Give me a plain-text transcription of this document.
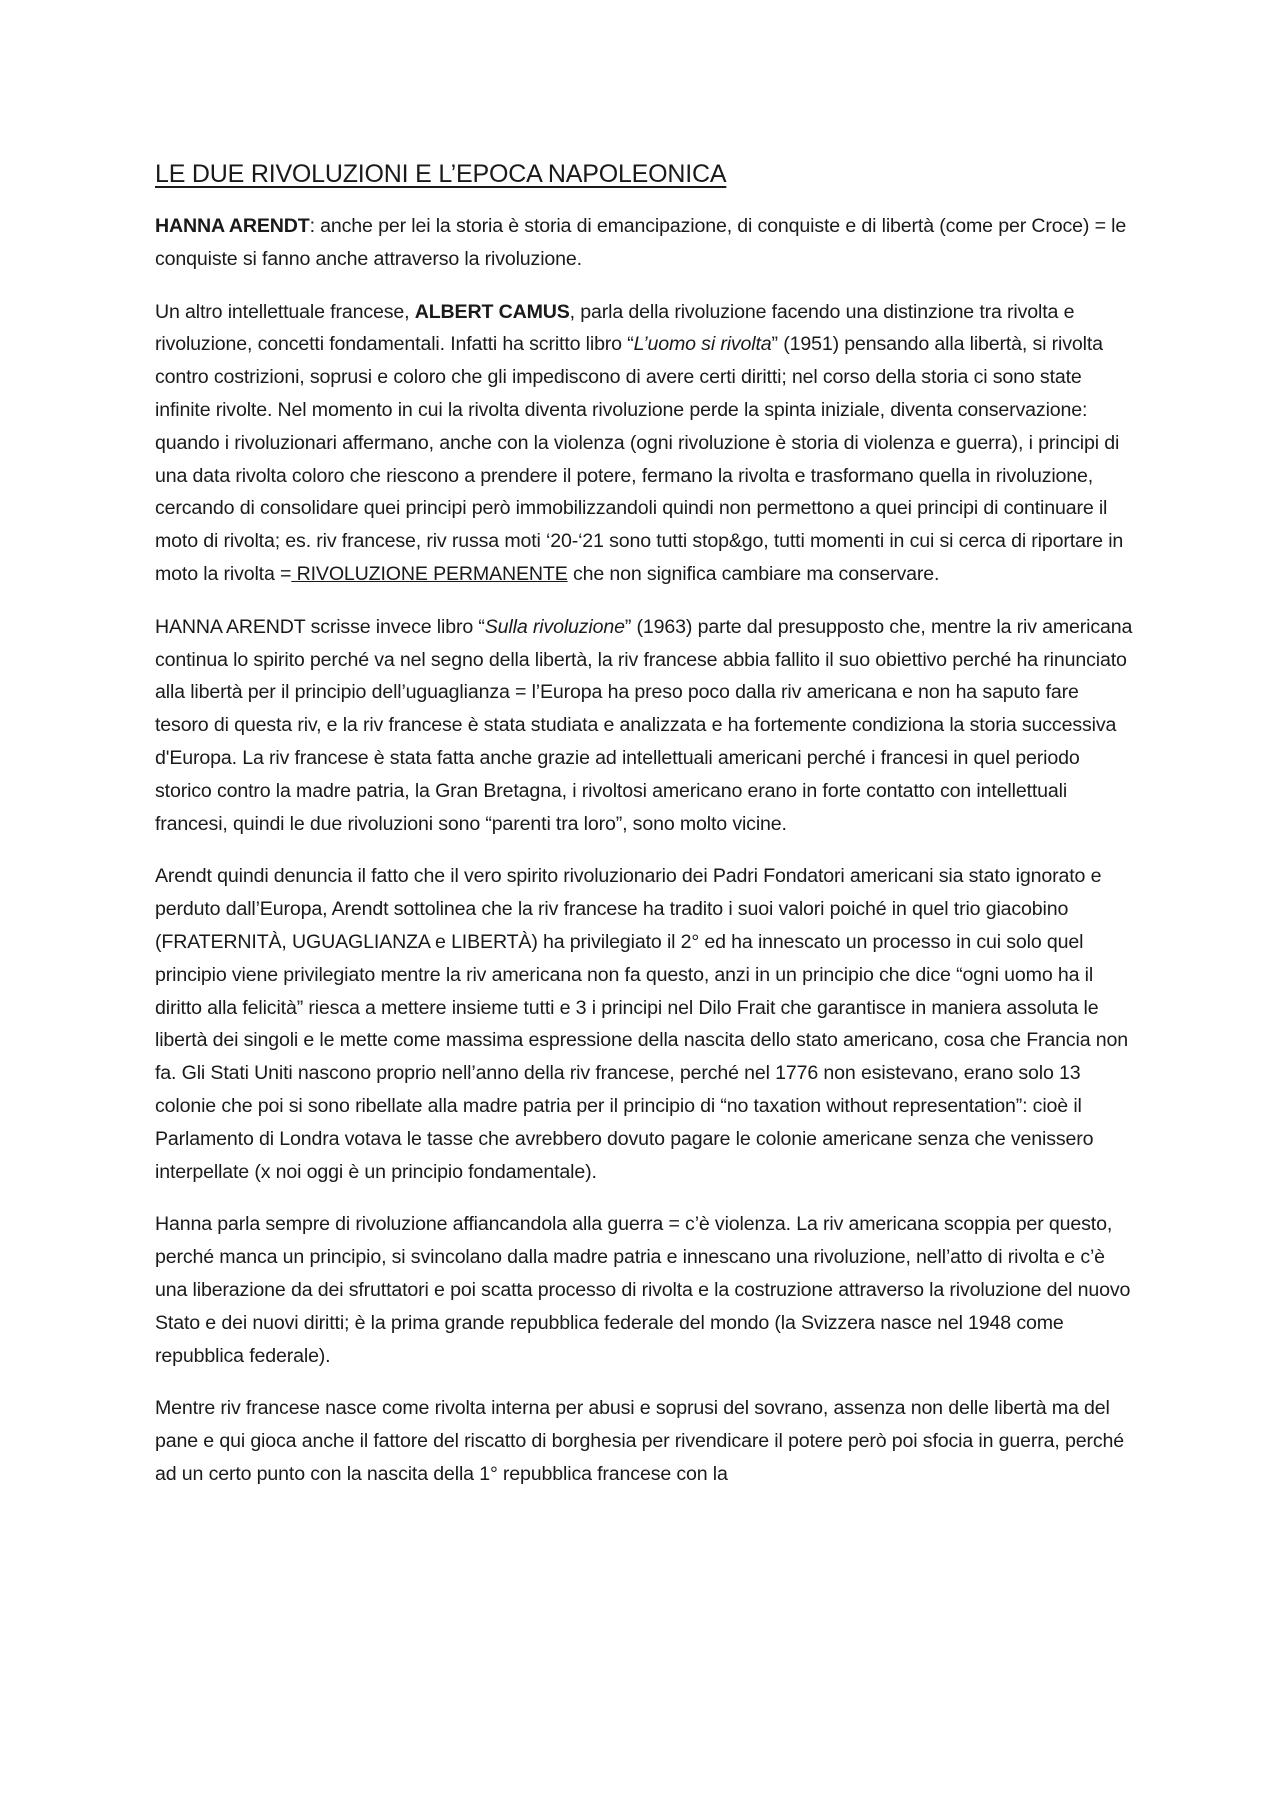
LE DUE RIVOLUZIONI E L’EPOCA NAPOLEONICA

HANNA ARENDT: anche per lei la storia è storia di emancipazione, di conquiste e di libertà (come per Croce) = le conquiste si fanno anche attraverso la rivoluzione.

Un altro intellettuale francese, ALBERT CAMUS, parla della rivoluzione facendo una distinzione tra rivolta e rivoluzione, concetti fondamentali. Infatti ha scritto libro “L’uomo si rivolta” (1951) pensando alla libertà, si rivolta contro costrizioni, soprusi e coloro che gli impediscono di avere certi diritti; nel corso della storia ci sono state infinite rivolte. Nel momento in cui la rivolta diventa rivoluzione perde la spinta iniziale, diventa conservazione: quando i rivoluzionari affermano, anche con la violenza (ogni rivoluzione è storia di violenza e guerra), i principi di una data rivolta coloro che riescono a prendere il potere, fermano la rivolta e trasformano quella in rivoluzione, cercando di consolidare quei principi però immobilizzandoli quindi non permettono a quei principi di continuare il moto di rivolta; es. riv francese, riv russa moti ‘20-‘21 sono tutti stop&go, tutti momenti in cui si cerca di riportare in moto la rivolta = RIVOLUZIONE PERMANENTE che non significa cambiare ma conservare.

HANNA ARENDT scrisse invece libro “Sulla rivoluzione” (1963) parte dal presupposto che, mentre la riv americana continua lo spirito perché va nel segno della libertà, la riv francese abbia fallito il suo obiettivo perché ha rinunciato alla libertà per il principio dell’uguaglianza = l’Europa ha preso poco dalla riv americana e non ha saputo fare tesoro di questa riv, e la riv francese è stata studiata e analizzata e ha fortemente condiziona la storia successiva d'Europa. La riv francese è stata fatta anche grazie ad intellettuali americani perché i francesi in quel periodo storico contro la madre patria, la Gran Bretagna, i rivoltosi americano erano in forte contatto con intellettuali francesi, quindi le due rivoluzioni sono “parenti tra loro”, sono molto vicine.

Arendt quindi denuncia il fatto che il vero spirito rivoluzionario dei Padri Fondatori americani sia stato ignorato e perduto dall’Europa, Arendt sottolinea che la riv francese ha tradito i suoi valori poiché in quel trio giacobino (FRATERNITÀ, UGUAGLIANZA e LIBERTÀ) ha privilegiato il 2° ed ha innescato un processo in cui solo quel principio viene privilegiato mentre la riv americana non fa questo, anzi in un principio che dice “ogni uomo ha il diritto alla felicità” riesca a mettere insieme tutti e 3 i principi nel Dilo Frait che garantisce in maniera assoluta le libertà dei singoli e le mette come massima espressione della nascita dello stato americano, cosa che Francia non fa. Gli Stati Uniti nascono proprio nell’anno della riv francese, perché nel 1776 non esistevano, erano solo 13 colonie che poi si sono ribellate alla madre patria per il principio di “no taxation without representation”: cioè il Parlamento di Londra votava le tasse che avrebbero dovuto pagare le colonie americane senza che venissero interpellate (x noi oggi è un principio fondamentale).

Hanna parla sempre di rivoluzione affiancandola alla guerra = c’è violenza. La riv americana scoppia per questo, perché manca un principio, si svincolano dalla madre patria e innescano una rivoluzione, nell’atto di rivolta e c’è una liberazione da dei sfruttatori e poi scatta processo di rivolta e la costruzione attraverso la rivoluzione del nuovo Stato e dei nuovi diritti; è la prima grande repubblica federale del mondo (la Svizzera nasce nel 1948 come repubblica federale).

Mentre riv francese nasce come rivolta interna per abusi e soprusi del sovrano, assenza non delle libertà ma del pane e qui gioca anche il fattore del riscatto di borghesia per rivendicare il potere però poi sfocia in guerra, perché ad un certo punto con la nascita della 1° repubblica francese con la
